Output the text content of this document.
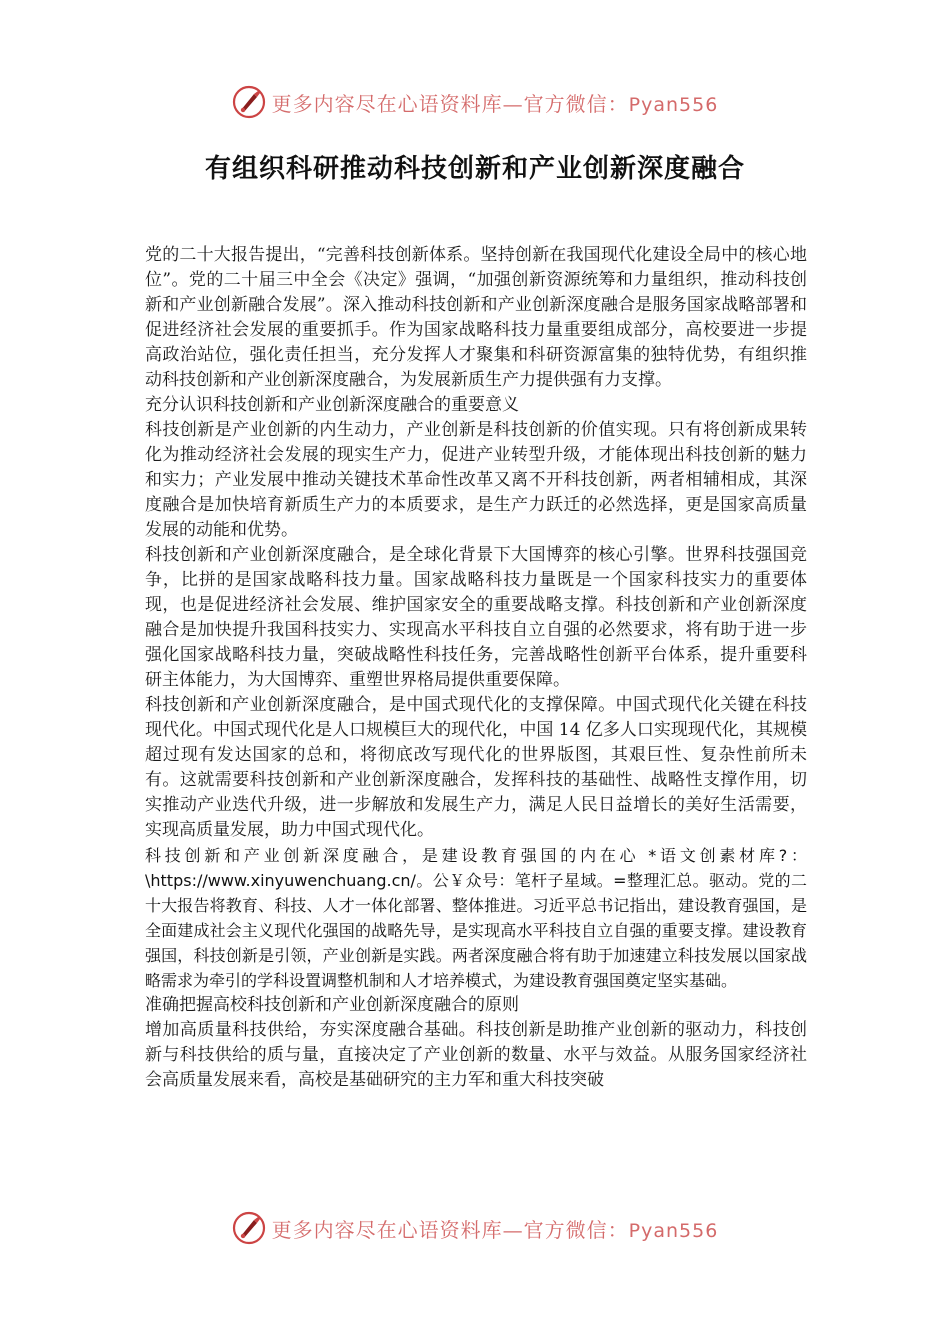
更多内容尽在心语资料库—官方微信：Pyan556
有组织科研推动科技创新和产业创新深度融合

党的二十大报告提出，“完善科技创新体系。坚持创新在我国现代化建设全局中的核心地位”。党的二十届三中全会《决定》强调，“加强创新资源统筹和力量组织，推动科技创新和产业创新融合发展”。深入推动科技创新和产业创新深度融合是服务国家战略部署和促进经济社会发展的重要抓手。作为国家战略科技力量重要组成部分，高校要进一步提高政治站位，强化责任担当，充分发挥人才聚集和科研资源富集的独特优势，有组织推动科技创新和产业创新深度融合，为发展新质生产力提供强有力支撑。

充分认识科技创新和产业创新深度融合的重要意义

科技创新是产业创新的内生动力，产业创新是科技创新的价值实现。只有将创新成果转化为推动经济社会发展的现实生产力，促进产业转型升级，才能体现出科技创新的魅力和实力；产业发展中推动关键技术革命性改革又离不开科技创新，两者相辅相成，其深度融合是加快培育新质生产力的本质要求，是生产力跃迁的必然选择，更是国家高质量发展的动能和优势。

科技创新和产业创新深度融合，是全球化背景下大国博弈的核心引擎。世界科技强国竞争，比拼的是国家战略科技力量。国家战略科技力量既是一个国家科技实力的重要体现，也是促进经济社会发展、维护国家安全的重要战略支撑。科技创新和产业创新深度融合是加快提升我国科技实力、实现高水平科技自立自强的必然要求，将有助于进一步强化国家战略科技力量，突破战略性科技任务，完善战略性创新平台体系，提升重要科研主体能力，为大国博弈、重塑世界格局提供重要保障。

科技创新和产业创新深度融合，是中国式现代化的支撑保障。中国式现代化关键在科技现代化。中国式现代化是人口规模巨大的现代化，中国 14 亿多人口实现现代化，其规模超过现有发达国家的总和，将彻底改写现代化的世界版图，其艰巨性、复杂性前所未有。这就需要科技创新和产业创新深度融合，发挥科技的基础性、战略性支撑作用，切实推动产业迭代升级，进一步解放和发展生产力，满足人民日益增长的美好生活需要，实现高质量发展，助力中国式现代化。

科技创新和产业创新深度融合，是建设教育强国的内在心 *语文创素材库?：\https://www.xinyuwenchuang.cn/。公￥众号：笔杆子星域。=整理汇总。驱动。党的二十大报告将教育、科技、人才一体化部署、整体推进。习近平总书记指出，建设教育强国，是全面建成社会主义现代化强国的战略先导，是实现高水平科技自立自强的重要支撑。建设教育强国，科技创新是引领，产业创新是实践。两者深度融合将有助于加速建立科技发展以国家战略需求为牵引的学科设置调整机制和人才培养模式，为建设教育强国奠定坚实基础。

准确把握高校科技创新和产业创新深度融合的原则

增加高质量科技供给，夯实深度融合基础。科技创新是助推产业创新的驱动力，科技创新与科技供给的质与量，直接决定了产业创新的数量、水平与效益。从服务国家经济社会高质量发展来看，高校是基础研究的主力军和重大科技突破

更多内容尽在心语资料库—官方微信：Pyan556
